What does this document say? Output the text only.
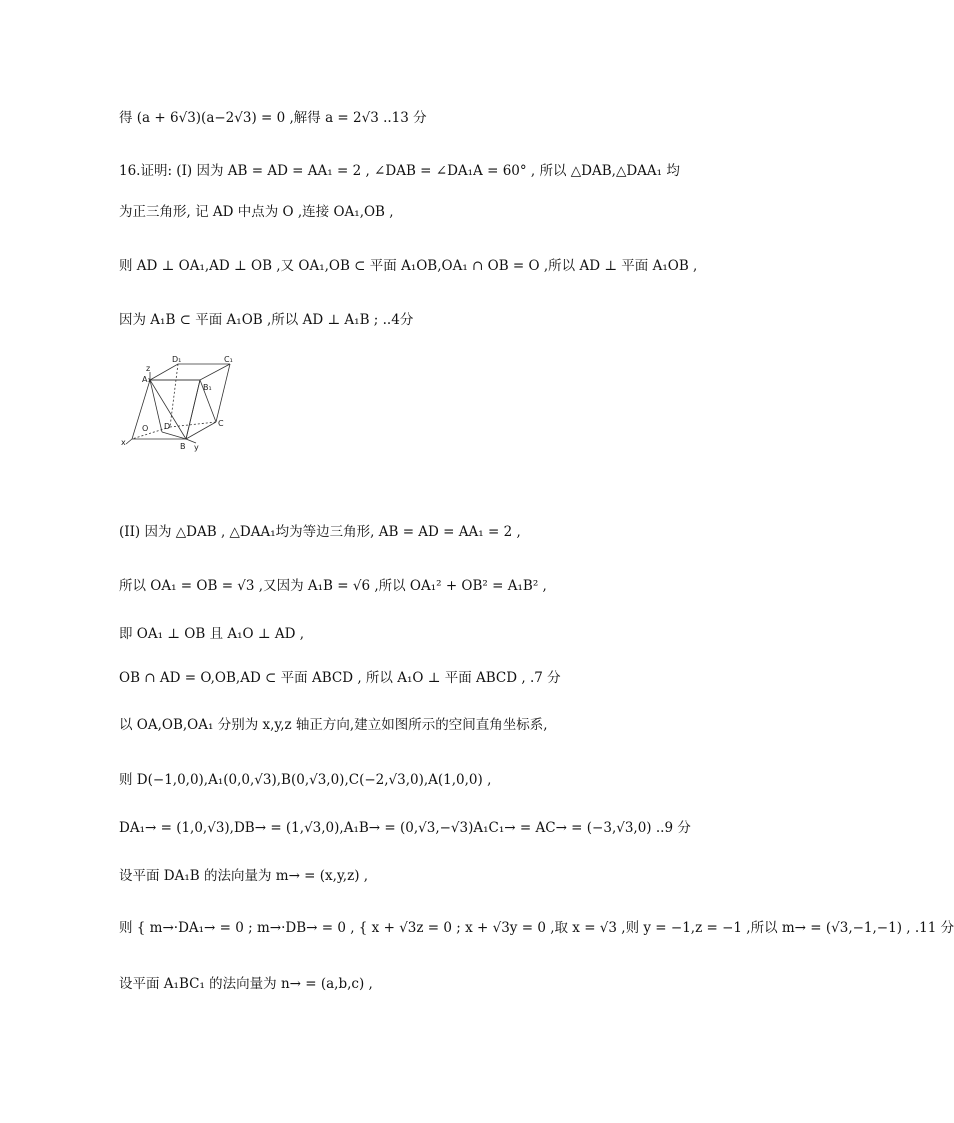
得 (a + 6√3)(a−2√3) = 0 ,解得 a = 2√3 ..13 分
16.证明: (I) 因为 AB = AD = AA₁ = 2 , ∠DAB = ∠DA₁A = 60° , 所以 △DAB,△DAA₁ 均
为正三角形, 记 AD 中点为 O ,连接 OA₁,OB ,
则 AD ⊥ OA₁,AD ⊥ OB ,又 OA₁,OB ⊂ 平面 A₁OB,OA₁ ∩ OB = O ,所以 AD ⊥ 平面 A₁OB ,
因为 A₁B ⊂ 平面 A₁OB ,所以 AD ⊥ A₁B ; ..4分
D₁	C₁
A₁
B₁
O D	C
B
x
y
z
(II) 因为 △DAB , △DAA₁均为等边三角形, AB = AD = AA₁ = 2 ,
所以 OA₁ = OB = √3 ,又因为 A₁B = √6 ,所以 OA₁² + OB² = A₁B² ,
即 OA₁ ⊥ OB 且 A₁O ⊥ AD ,
OB ∩ AD = O,OB,AD ⊂ 平面 ABCD , 所以 A₁O ⊥ 平面 ABCD , .7 分
以 OA,OB,OA₁ 分别为 x,y,z 轴正方向,建立如图所示的空间直角坐标系,
则 D(−1,0,0),A₁(0,0,√3),B(0,√3,0),C(−2,√3,0),A(1,0,0) ,
DA₁→ = (1,0,√3),DB→ = (1,√3,0),A₁B→ = (0,√3,−√3)A₁C₁→ = AC→ = (−3,√3,0) ..9 分
设平面 DA₁B 的法向量为 m→ = (x,y,z) ,
则 { m→·DA₁→ = 0 ; m→·DB→ = 0 , { x + √3z = 0 ; x + √3y = 0 ,取 x = √3 ,则 y = −1,z = −1 ,所以 m→ = (√3,−1,−1) , .11 分
设平面 A₁BC₁ 的法向量为 n→ = (a,b,c) ,
